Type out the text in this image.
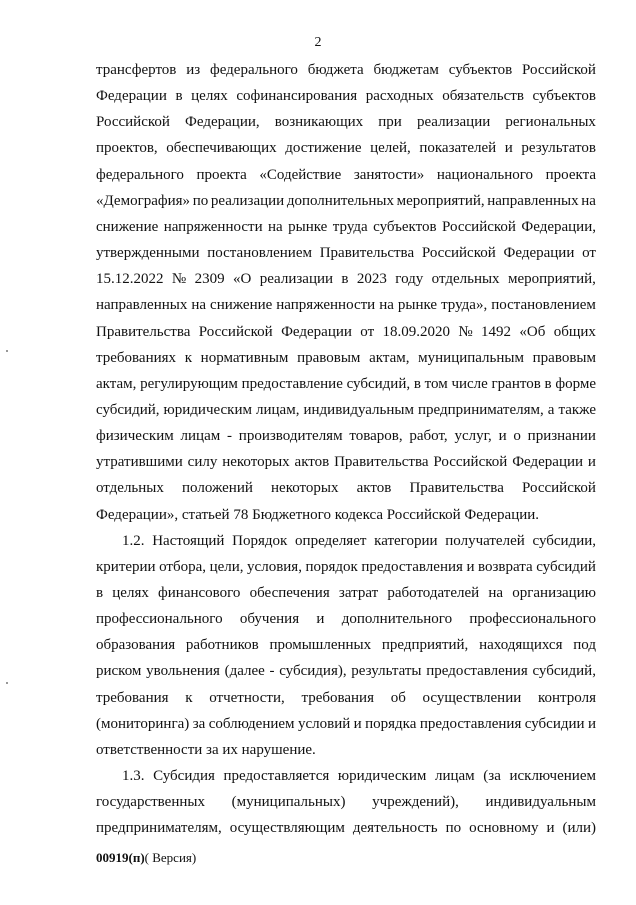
2
трансфертов из федерального бюджета бюджетам субъектов Российской
Федерации в целях софинансирования расходных обязательств субъектов
Российской Федерации, возникающих при реализации региональных
проектов, обеспечивающих достижение целей, показателей и результатов
федерального проекта «Содействие занятости» национального проекта
«Демография» по реализации дополнительных мероприятий, направленных на
снижение напряженности на рынке труда субъектов Российской Федерации,
утвержденными постановлением Правительства Российской Федерации от
15.12.2022 № 2309 «О реализации в 2023 году отдельных мероприятий,
направленных на снижение напряженности на рынке труда», постановлением
Правительства Российской Федерации от 18.09.2020 № 1492 «Об общих
требованиях к нормативным правовым актам, муниципальным правовым
актам, регулирующим предоставление субсидий, в том числе грантов в форме
субсидий, юридическим лицам, индивидуальным предпринимателям, а также
физическим лицам - производителям товаров, работ, услуг, и о признании
утратившими силу некоторых актов Правительства Российской Федерации и
отдельных положений некоторых актов Правительства Российской
Федерации», статьей 78 Бюджетного кодекса Российской Федерации.
1.2. Настоящий Порядок определяет категории получателей субсидии,
критерии отбора, цели, условия, порядок предоставления и возврата субсидий
в целях финансового обеспечения затрат работодателей на организацию
профессионального обучения и дополнительного профессионального
образования работников промышленных предприятий, находящихся под
риском увольнения (далее - субсидия), результаты предоставления субсидий,
требования к отчетности, требования об осуществлении контроля
(мониторинга) за соблюдением условий и порядка предоставления субсидии и
ответственности за их нарушение.
1.3. Субсидия предоставляется юридическим лицам (за исключением
государственных (муниципальных) учреждений), индивидуальным
предпринимателям, осуществляющим деятельность по основному и (или)
00919(п)( Версия)
